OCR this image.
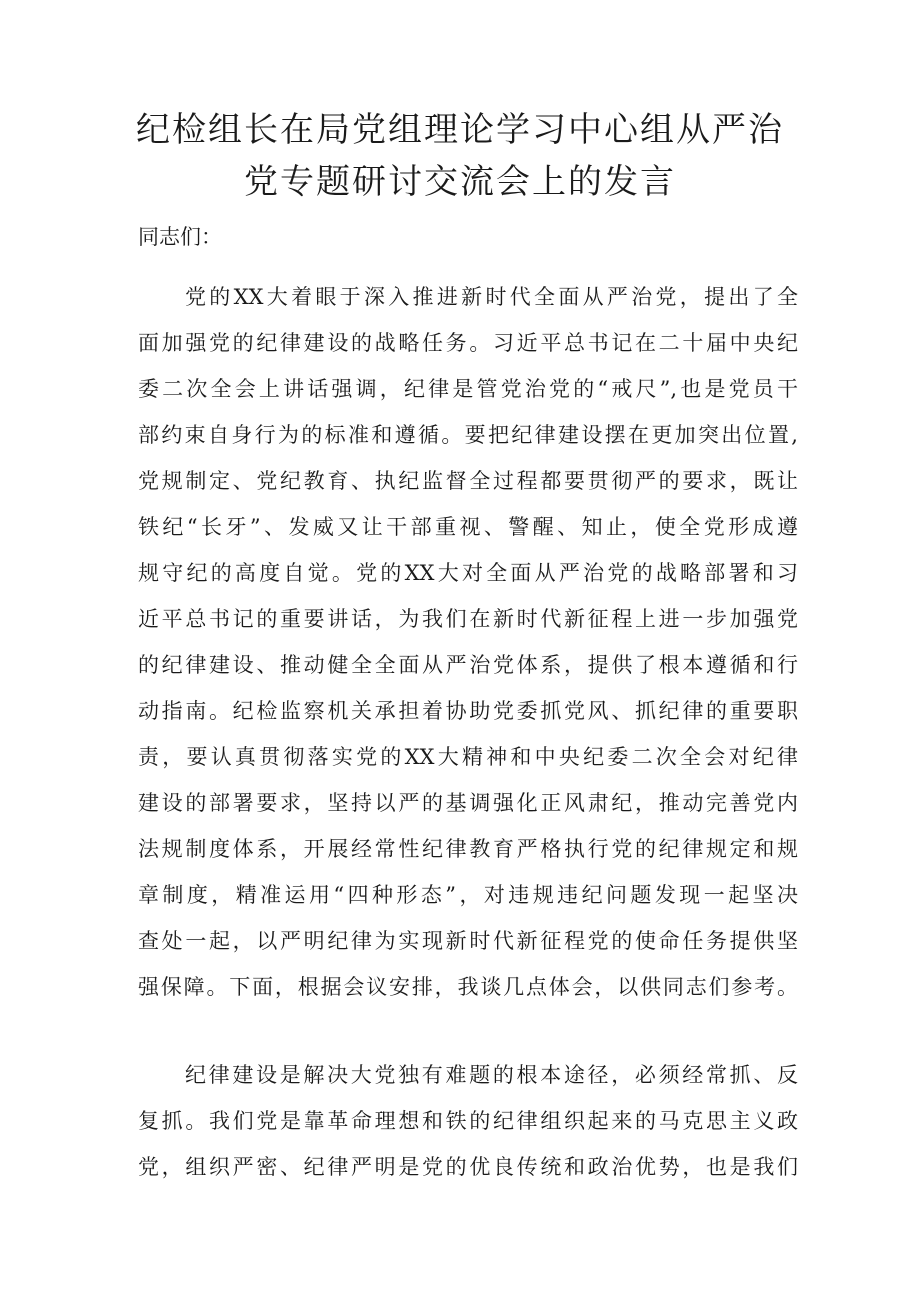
纪检组长在局党组理论学习中心组从严治
党专题研讨交流会上的发言
同志们：
党的XX大着眼于深入推进新时代全面从严治党，提出了全
面加强党的纪律建设的战略任务。习近平总书记在二十届中央纪
委二次全会上讲话强调，纪律是管党治党的“戒尺”,也是党员干
部约束自身行为的标准和遵循。要把纪律建设摆在更加突出位置,
党规制定、党纪教育、执纪监督全过程都要贯彻严的要求，既让
铁纪“长牙”、发威又让干部重视、警醒、知止，使全党形成遵
规守纪的高度自觉。党的XX大对全面从严治党的战略部署和习
近平总书记的重要讲话，为我们在新时代新征程上进一步加强党
的纪律建设、推动健全全面从严治党体系，提供了根本遵循和行
动指南。纪检监察机关承担着协助党委抓党风、抓纪律的重要职
责，要认真贯彻落实党的XX大精神和中央纪委二次全会对纪律
建设的部署要求，坚持以严的基调强化正风肃纪，推动完善党内
法规制度体系，开展经常性纪律教育严格执行党的纪律规定和规
章制度，精准运用“四种形态”，对违规违纪问题发现一起坚决
查处一起，以严明纪律为实现新时代新征程党的使命任务提供坚
强保障。下面，根据会议安排，我谈几点体会，以供同志们参考。
纪律建设是解决大党独有难题的根本途径，必须经常抓、反
复抓。我们党是靠革命理想和铁的纪律组织起来的马克思主义政
党，组织严密、纪律严明是党的优良传统和政治优势，也是我们
